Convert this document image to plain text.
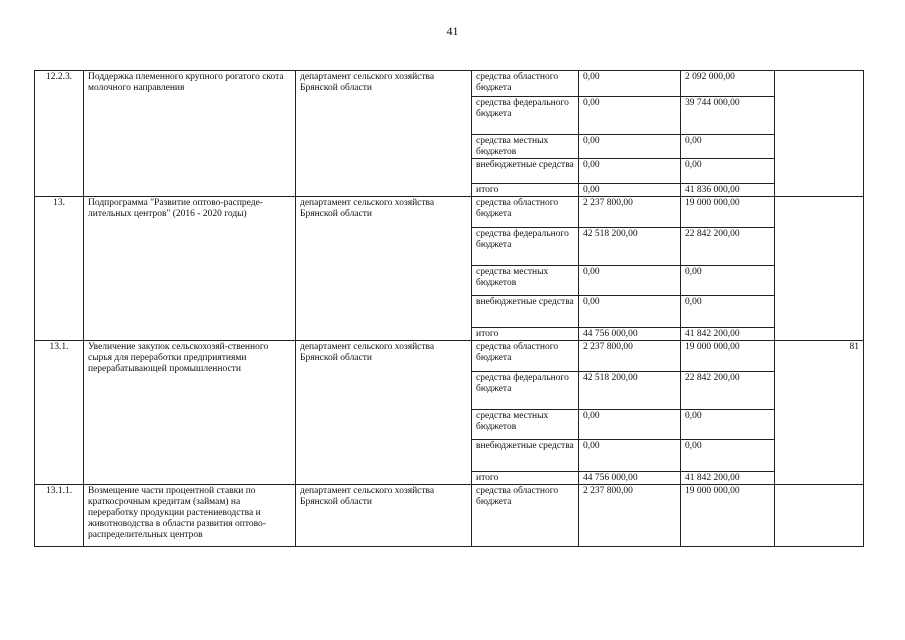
41
12.2.3.	Поддержка племенного крупного рогатого скота молочного направления	департамент сельского хозяйства Брянской области	средства областного бюджета	0,00	2 092 000,00	
			средства федерального бюджета	0,00	39 744 000,00	
			средства местных бюджетов	0,00	0,00	
			внебюджетные средства	0,00	0,00	
			итого	0,00	41 836 000,00	
13.	Подпрограмма "Развитие оптово-распреде-лительных центров" (2016 - 2020 годы)	департамент сельского хозяйства Брянской области	средства областного бюджета	2 237 800,00	19 000 000,00	
			средства федерального бюджета	42 518 200,00	22 842 200,00	
			средства местных бюджетов	0,00	0,00	
			внебюджетные средства	0,00	0,00	
			итого	44 756 000,00	41 842 200,00	
13.1.	Увеличение закупок сельскохозяй-ственного сырья для переработки предприятиями перерабатывающей промышленности	департамент сельского хозяйства Брянской области	средства областного бюджета	2 237 800,00	19 000 000,00	81
			средства федерального бюджета	42 518 200,00	22 842 200,00	
			средства местных бюджетов	0,00	0,00	
			внебюджетные средства	0,00	0,00	
			итого	44 756 000,00	41 842 200,00	
13.1.1.	Возмещение части процентной ставки по краткосрочным кредитам (займам) на переработку продукции растениеводства и животноводства в области развития оптово-распределительных центров	департамент сельского хозяйства Брянской области	средства областного бюджета	2 237 800,00	19 000 000,00	
